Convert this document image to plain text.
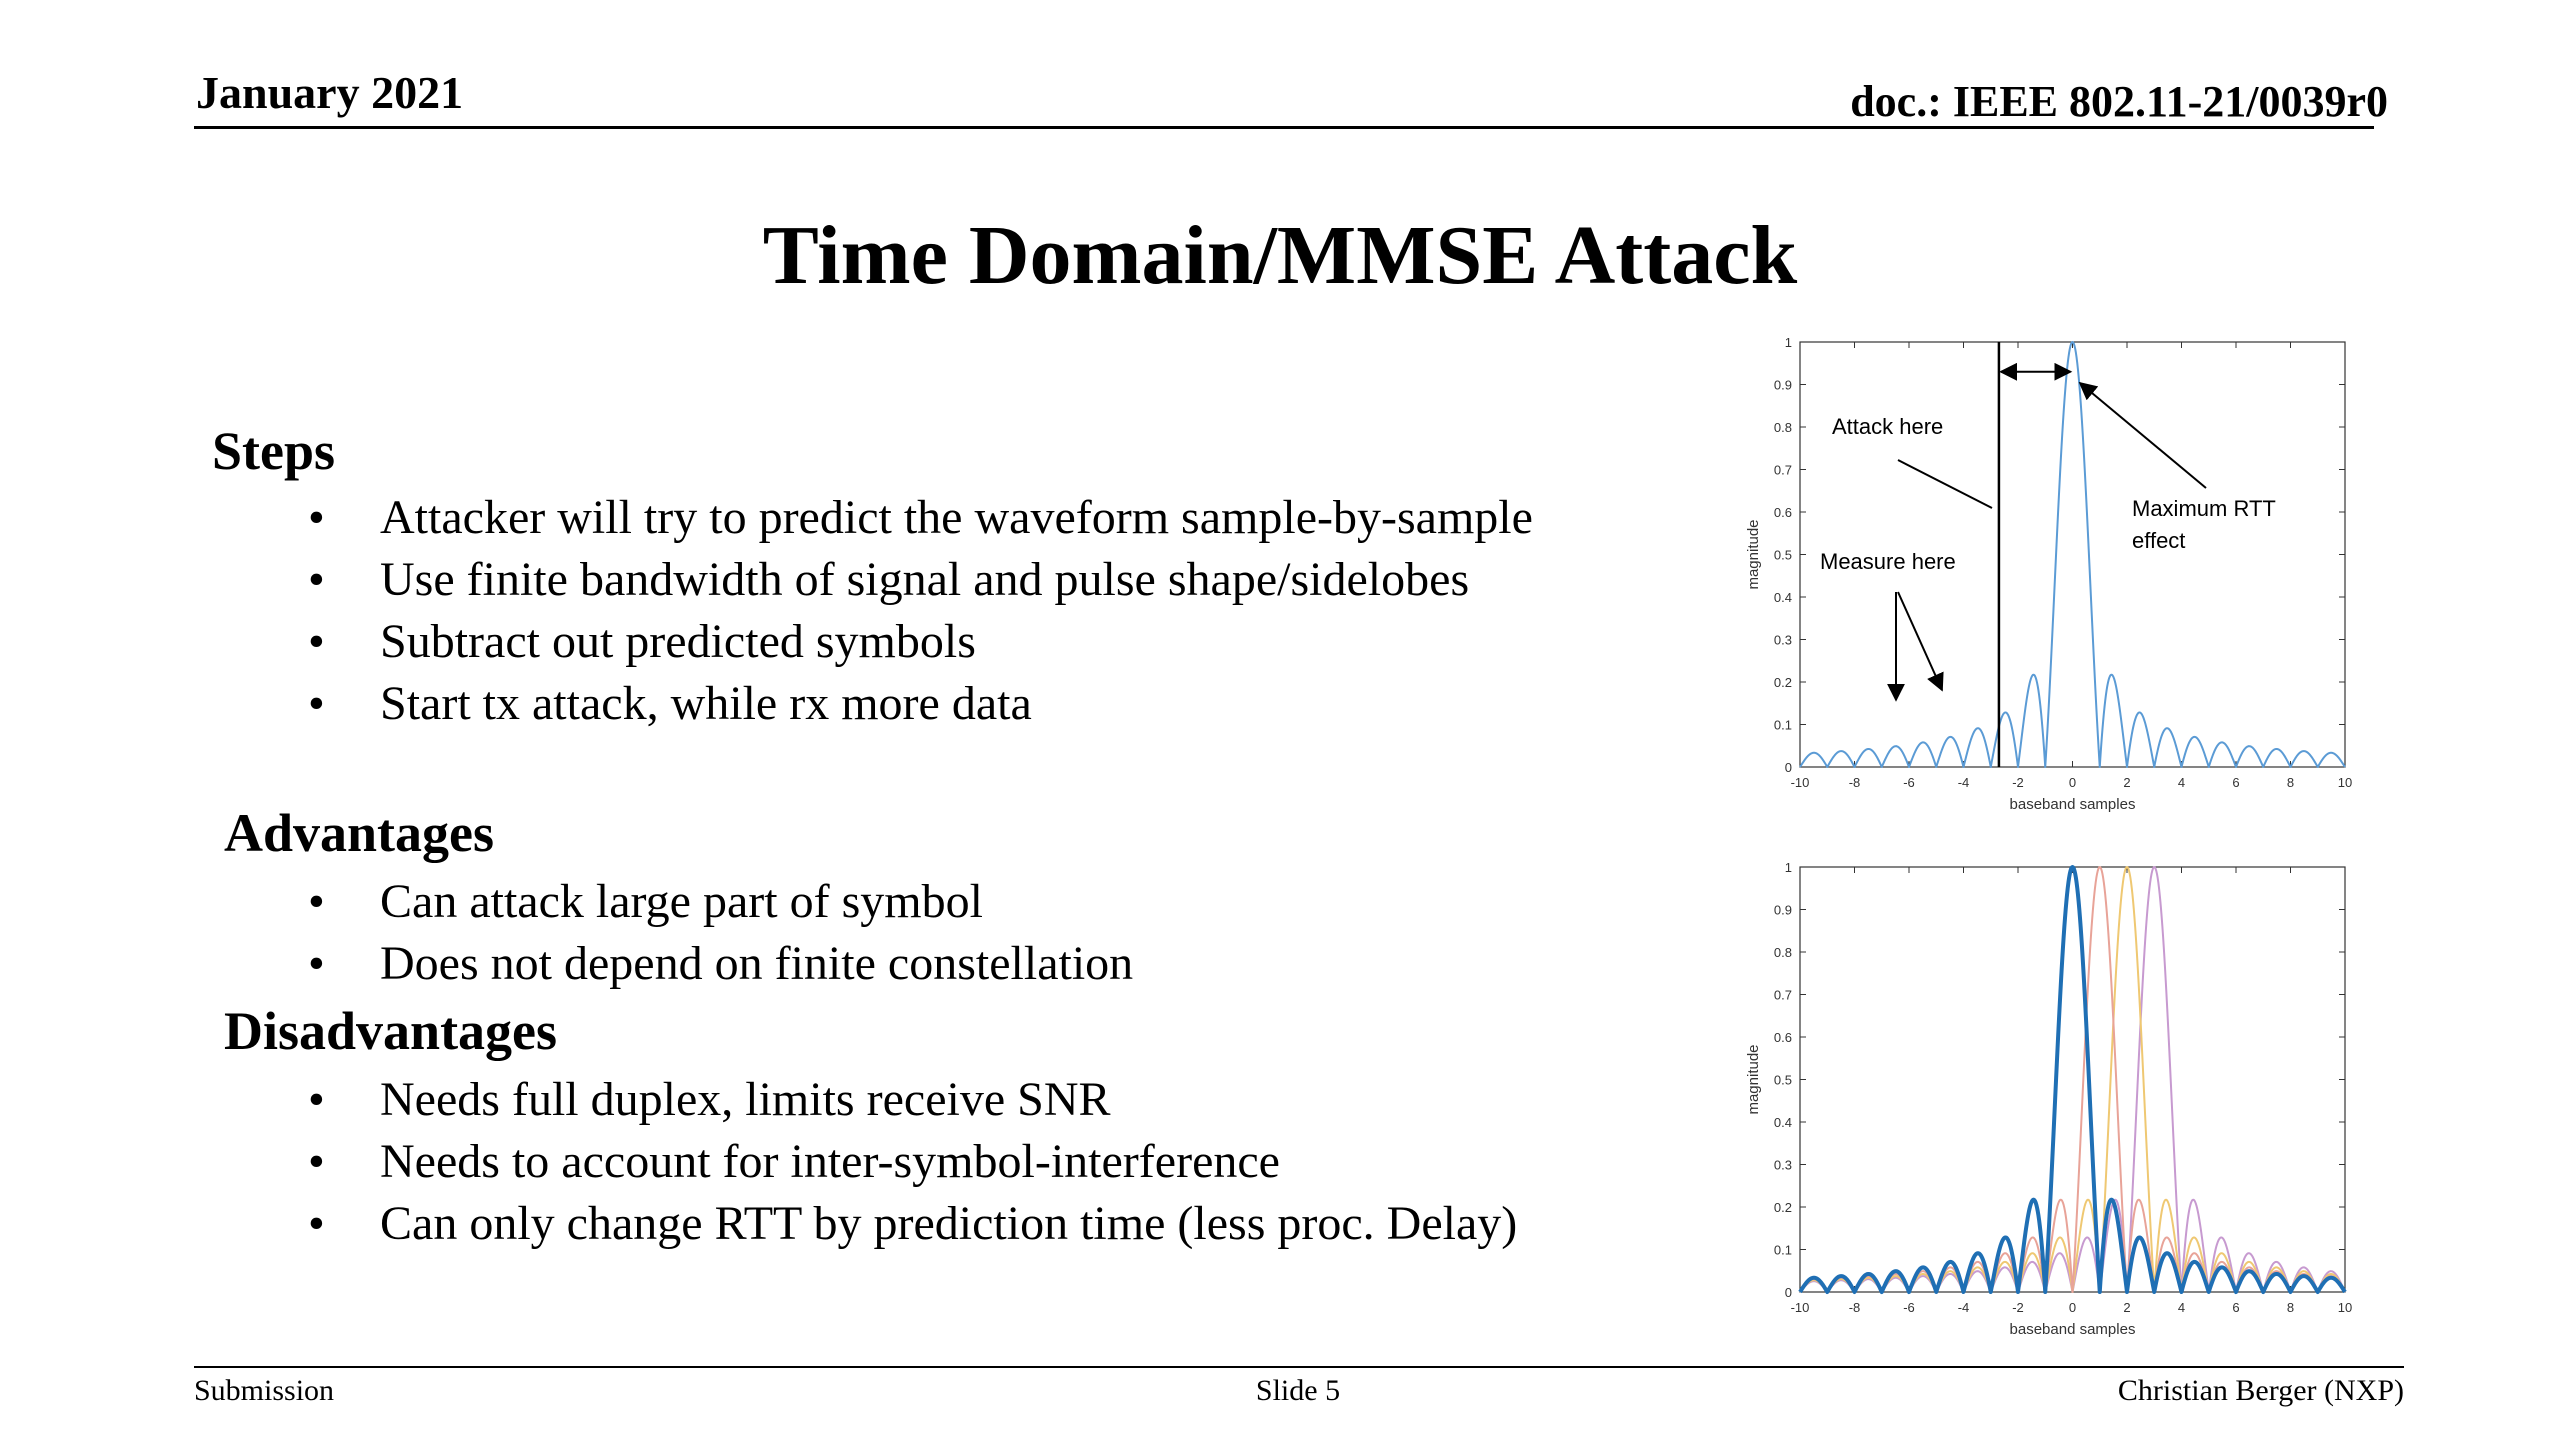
January 2021	doc.: IEEE 802.11-21/0039r0
Time Domain/MMSE Attack
Steps
• Attacker will try to predict the waveform sample-by-sample
• Use finite bandwidth of signal and pulse shape/sidelobes
• Subtract out predicted symbols
• Start tx attack, while rx more data
Advantages
• Can attack large part of symbol
• Does not depend on finite constellation
Disadvantages
• Needs full duplex, limits receive SNR
• Needs to account for inter-symbol-interference
• Can only change RTT by prediction time (less proc. Delay)
0
0.1
0.2
0.3
0.4
0.5
0.6
0.7
0.8
0.9
1
-10	-8	-6	-4	-2	0	2	4	6	8	10
baseband samples
magnitude
Attack here
Measure here
Maximum RTT
effect
0
0.1
0.2
0.3
0.4
0.5
0.6
0.7
0.8
0.9
1
-10	-8	-6	-4	-2	0	2	4	6	8	10
baseband samples
magnitude
Submission	Slide 5	Christian Berger (NXP)
